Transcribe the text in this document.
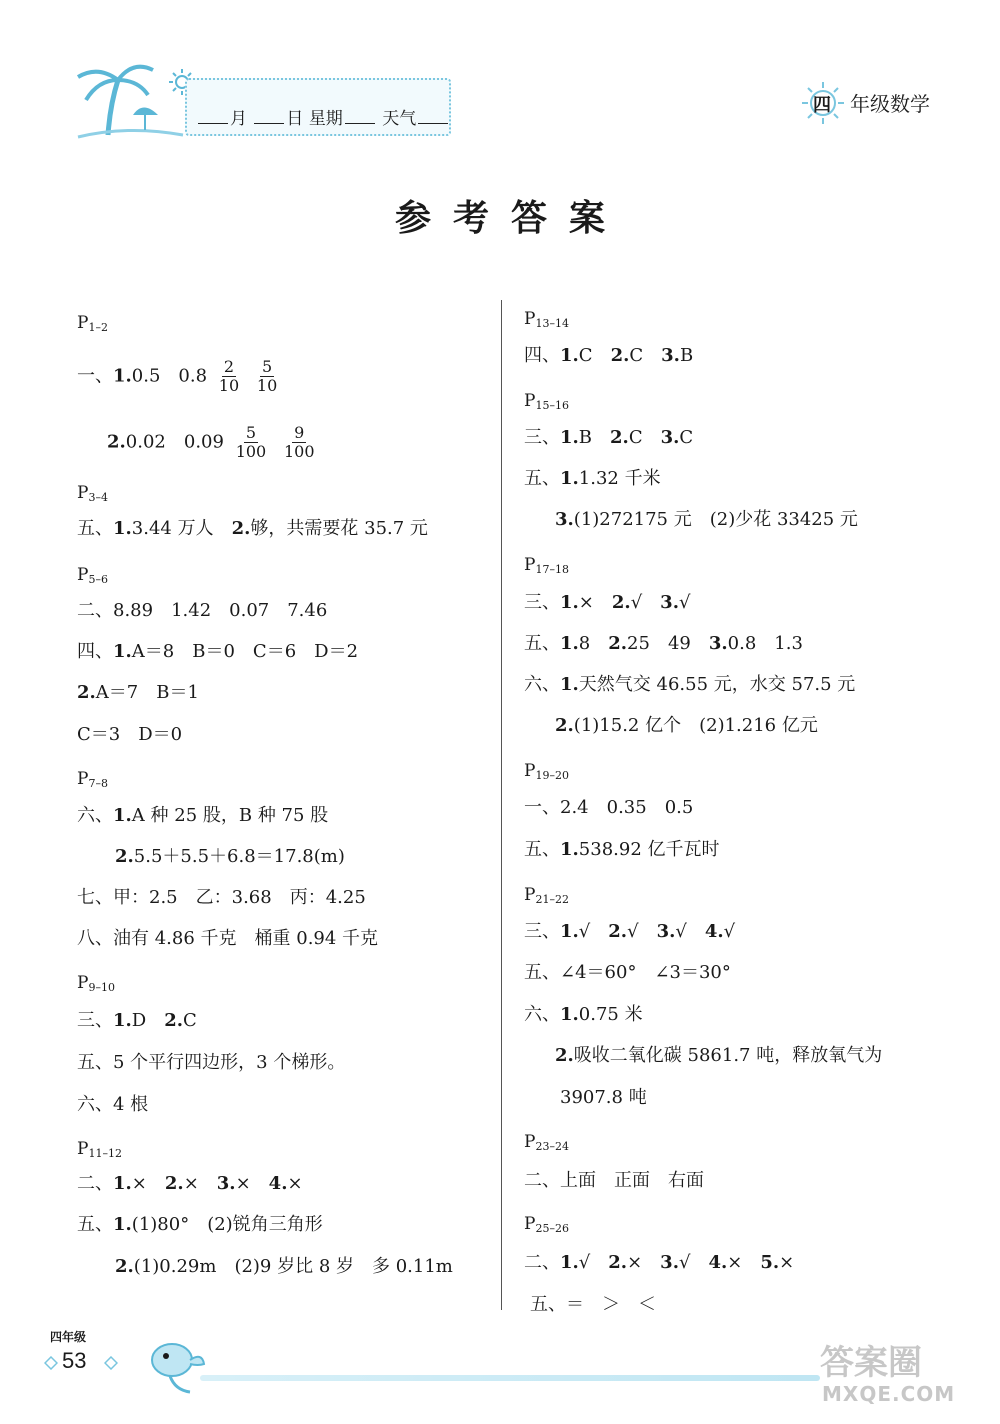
月 日 星期 天气
四 年级数学
参考答案
$P_{1-2}$
一、1.0.5　$0.8 \frac{2}{10}$
$\frac{5}{10}$
2.0.02　$0.09 \frac{5}{100}$
$\frac{9}{100}$
$P_{3-4}$
五、1.3.44 万人　 2.够，共需要花 35.7 元
$P_{5-6}$
二、8.89　1.42　0.07　7.46
四、1.A＝8　B＝0　C＝6　D＝2
2.A＝7　B＝1
C＝3　D＝0
$P_{7-8}$
六、1.A 种 25 股，B 种 75 股
2.5.5＋5.5＋6.8＝17.8(m)
七、甲：2.5　乙：3.68　丙：4.25
八、油有 4.86 千克　桶重 0.94 千克
$P_{9-10}$
三、1.D　 2.C
五、5 个平行四边形，3 个梯形。
六、4 根
$P_{11-12}$
二、1.×　 2.×　 3.×　 4.×
五、1.(1)80°　(2)锐角三角形
2.(1)0.29m　(2)9 岁比 8 岁　多 0.11m
$P_{13-14}$
四、1.C　 2.C　 3.B
$P_{15-16}$
三、1.B　 2.C　 3.C
五、1.1.32 千米
3.(1)272175 元　(2)少花 33425 元
$P_{17-18}$
三、1.×　 2.√　 3.√
五、1.8　 2.25　49　 3.0.8　1.3
六、1.天然气交 46.55 元，水交 57.5 元
2.(1)15.2 亿个　(2)1.216 亿元
$P_{19-20}$
一、2.4　0.35　0.5
五、1.538.92 亿千瓦时
$P_{21-22}$
三、1.√　 2.√　 3.√　 4.√
五、∠4＝60°　∠3＝30°
六、1.0.75 米
2.吸收二氧化碳 5861.7 吨，释放氧气为
3907.8 吨
$P_{23-24}$
二、上面　正面　右面
$P_{25-26}$
二、1.√　 2.×　 3.√　 4.×　 5.×
五、＝　＞　＜
四年级
53	答案圈
MXQE.COM
